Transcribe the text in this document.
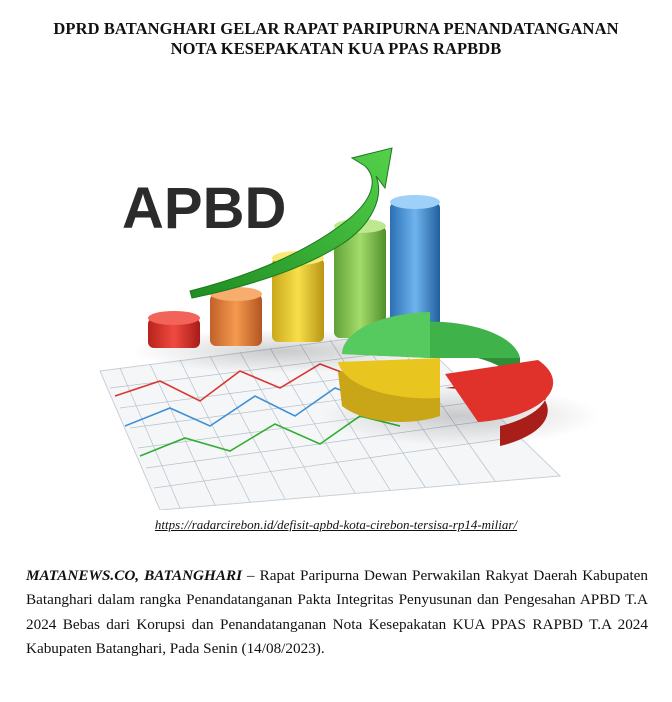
DPRD BATANGHARI GELAR RAPAT PARIPURNA PENANDATANGANAN
NOTA KESEPAKATAN KUA PPAS RAPBDB
APBD
https://radarcirebon.id/defisit-apbd-kota-cirebon-tersisa-rp14-miliar/
MATANEWS.CO, BATANGHARI – Rapat Paripurna Dewan Perwakilan Rakyat Daerah Kabupaten Batanghari dalam rangka Penandatanganan Pakta Integritas Penyusunan dan Pengesahan APBD T.A 2024 Bebas dari Korupsi dan Penandatanganan Nota Kesepakatan KUA PPAS RAPBD T.A 2024 Kabupaten Batanghari, Pada Senin (14/08/2023).
